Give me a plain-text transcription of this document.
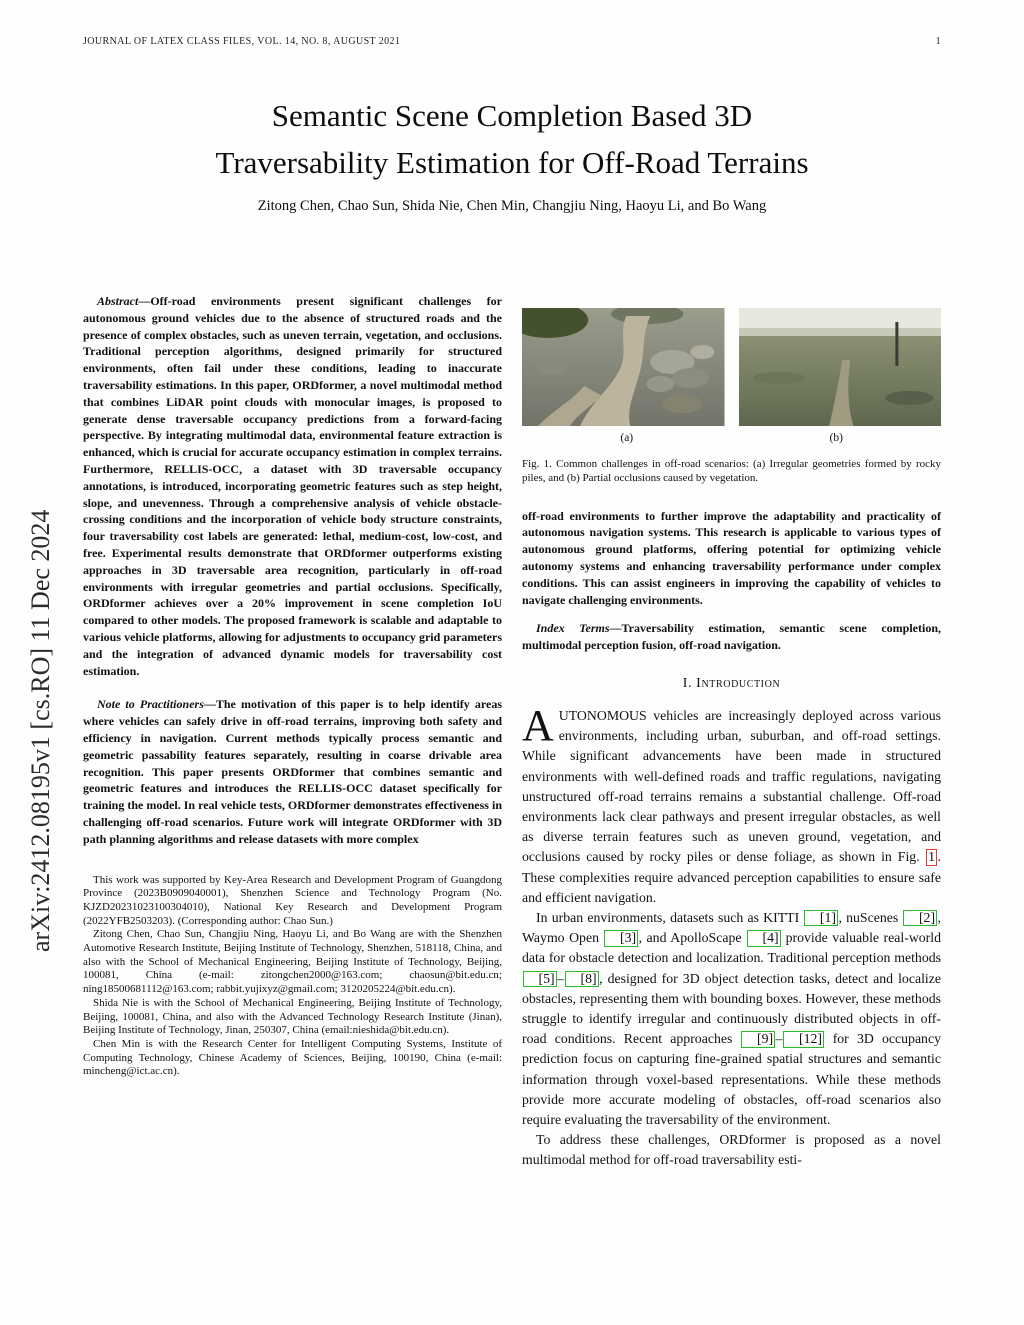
JOURNAL OF LATEX CLASS FILES, VOL. 14, NO. 8, AUGUST 2021	1
Semantic Scene Completion Based 3D
Traversability Estimation for Off-Road Terrains
Zitong Chen, Chao Sun, Shida Nie, Chen Min, Changjiu Ning, Haoyu Li, and Bo Wang
arXiv:2412.08195v1 [cs.RO] 11 Dec 2024

Abstract—Off-road environments present significant challenges for autonomous ground vehicles due to the absence of structured roads and the presence of complex obstacles, such as uneven terrain, vegetation, and occlusions. Traditional perception algorithms, designed primarily for structured environments, often fail under these conditions, leading to inaccurate traversability estimations. In this paper, ORDformer, a novel multimodal method that combines LiDAR point clouds with monocular images, is proposed to generate dense traversable occupancy predictions from a forward-facing perspective. By integrating multimodal data, environmental feature extraction is enhanced, which is crucial for accurate occupancy estimation in complex terrains. Furthermore, RELLIS-OCC, a dataset with 3D traversable occupancy annotations, is introduced, incorporating geometric features such as step height, slope, and unevenness. Through a comprehensive analysis of vehicle obstacle-crossing conditions and the incorporation of vehicle body structure constraints, four traversability cost labels are generated: lethal, medium-cost, low-cost, and free. Experimental results demonstrate that ORDformer outperforms existing approaches in 3D traversable area recognition, particularly in off-road environments with irregular geometries and partial occlusions. Specifically, ORDformer achieves over a 20% improvement in scene completion IoU compared to other models. The proposed framework is scalable and adaptable to various vehicle platforms, allowing for adjustments to occupancy grid parameters and the integration of advanced dynamic models for traversability cost estimation.

Note to Practitioners—The motivation of this paper is to help identify areas where vehicles can safely drive in off-road terrains, improving both safety and efficiency in navigation. Current methods typically process semantic and geometric passability features separately, resulting in coarse drivable area recognition. This paper presents ORDformer that combines semantic and geometric features and introduces the RELLIS-OCC dataset specifically for training the model. In real vehicle tests, ORDformer demonstrates effectiveness in challenging off-road scenarios. Future work will integrate ORDformer with 3D path planning algorithms and release datasets with more complex

This work was supported by Key-Area Research and Development Program of Guangdong Province (2023B0909040001), Shenzhen Science and Technology Program (No. KJZD20231023100304010), National Key Research and Development Program (2022YFB2503203). (Corresponding author: Chao Sun.)

Zitong Chen, Chao Sun, Changjiu Ning, Haoyu Li, and Bo Wang are with the Shenzhen Automotive Research Institute, Beijing Institute of Technology, Shenzhen, 518118, China, and also with the School of Mechanical Engineering, Beijing Institute of Technology, Beijing, 100081, China (e-mail: zitongchen2000@163.com; chaosun@bit.edu.cn; ning18500681112@163.com; rabbit.yujixyz@gmail.com; 3120205224@bit.edu.cn).

Shida Nie is with the School of Mechanical Engineering, Beijing Institute of Technology, Beijing, 100081, China, and also with the Advanced Technology Research Institute (Jinan), Beijing Institute of Technology, Jinan, 250307, China (email:nieshida@bit.edu.cn).

Chen Min is with the Research Center for Intelligent Computing Systems, Institute of Computing Technology, Chinese Academy of Sciences, Beijing, 100190, China (e-mail: mincheng@ict.ac.cn).

(a)	(b)
Fig. 1. Common challenges in off-road scenarios: (a) Irregular geometries formed by rocky piles, and (b) Partial occlusions caused by vegetation.

off-road environments to further improve the adaptability and practicality of autonomous navigation systems. This research is applicable to various types of autonomous ground platforms, offering potential for optimizing vehicle autonomy systems and enhancing traversability performance under complex conditions. This can assist engineers in improving the capability of vehicles to navigate challenging environments.

Index Terms—Traversability estimation, semantic scene completion, multimodal perception fusion, off-road navigation.

I. Introduction

AUTONOMOUS vehicles are increasingly deployed across various environments, including urban, suburban, and off-road settings. While significant advancements have been made in structured environments with well-defined roads and traffic regulations, navigating unstructured off-road terrains remains a substantial challenge. Off-road environments lack clear pathways and present irregular obstacles, as well as diverse terrain features such as uneven ground, vegetation, and occlusions caused by rocky piles or dense foliage, as shown in Fig. 1 . These complexities require advanced perception capabilities to ensure safe and efficient navigation.

In urban environments, datasets such as KITTI [1] , nuScenes [2] , Waymo Open [3] , and ApolloScape [4] provide valuable real-world data for obstacle detection and localization. Traditional perception methods [5] – [8] , designed for 3D object detection tasks, detect and localize obstacles, representing them with bounding boxes. However, these methods struggle to identify irregular and continuously distributed objects in off-road conditions. Recent approaches [9] – [12] for 3D occupancy prediction focus on capturing fine-grained spatial structures and semantic information through voxel-based representations. While these methods provide more accurate modeling of obstacles, off-road scenarios also require evaluating the traversability of the environment.

To address these challenges, ORDformer is proposed as a novel multimodal method for off-road traversability esti-
